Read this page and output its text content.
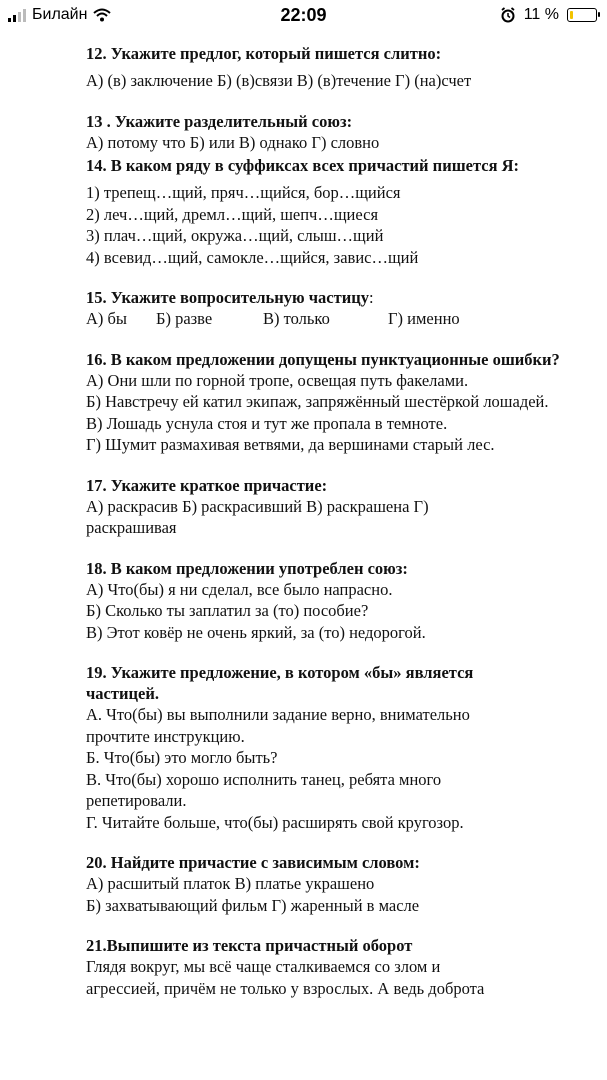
Билайн	22:09	11 %
12. Укажите предлог, который пишется слитно:
А) (в) заключение Б) (в)связи В) (в)течение Г) (на)счет
13 . Укажите разделительный союз:
А) потому что Б) или В) однако Г) словно
14. В каком ряду в суффиксах всех причастий пишется Я:
1) трепещ…щий, пряч…щийся, бор…щийся
2) леч…щий, дремл…щий, шепч…щиеся
3) плач…щий, окружа…щий, слыш…щий
4) всевид…щий, самокле…щийся, завис…щий
15. Укажите вопросительную частицу:
А) бы	Б) разве	В) только	Г) именно
16. В каком предложении допущены пунктуационные ошибки?
А) Они шли по горной тропе, освещая путь факелами.
Б) Навстречу ей катил экипаж, запряжённый шестёркой лошадей.
В) Лошадь уснула стоя и тут же пропала в темноте.
Г) Шумит размахивая ветвями, да вершинами старый лес.
17. Укажите краткое причастие:
А) раскрасив Б) раскрасивший В) раскрашена Г) раскрашивая
18. В каком предложении употреблен союз:
А) Что(бы) я ни сделал, все было напрасно.
Б) Сколько ты заплатил за (то) пособие?
В) Этот ковёр не очень яркий, за (то) недорогой.
19. Укажите предложение, в котором «бы» является частицей.
А. Что(бы) вы выполнили задание верно, внимательно прочтите инструкцию.
Б. Что(бы) это могло быть?
В. Что(бы) хорошо исполнить танец, ребята много репетировали.
Г. Читайте больше, что(бы) расширять свой кругозор.
20. Найдите причастие с зависимым словом:
А) расшитый платок В) платье украшено
Б) захватывающий фильм Г) жаренный в масле
21.Выпишите из текста причастный оборот
Глядя вокруг, мы всё чаще сталкиваемся со злом и
агрессией, причём не только у взрослых. А ведь доброта
